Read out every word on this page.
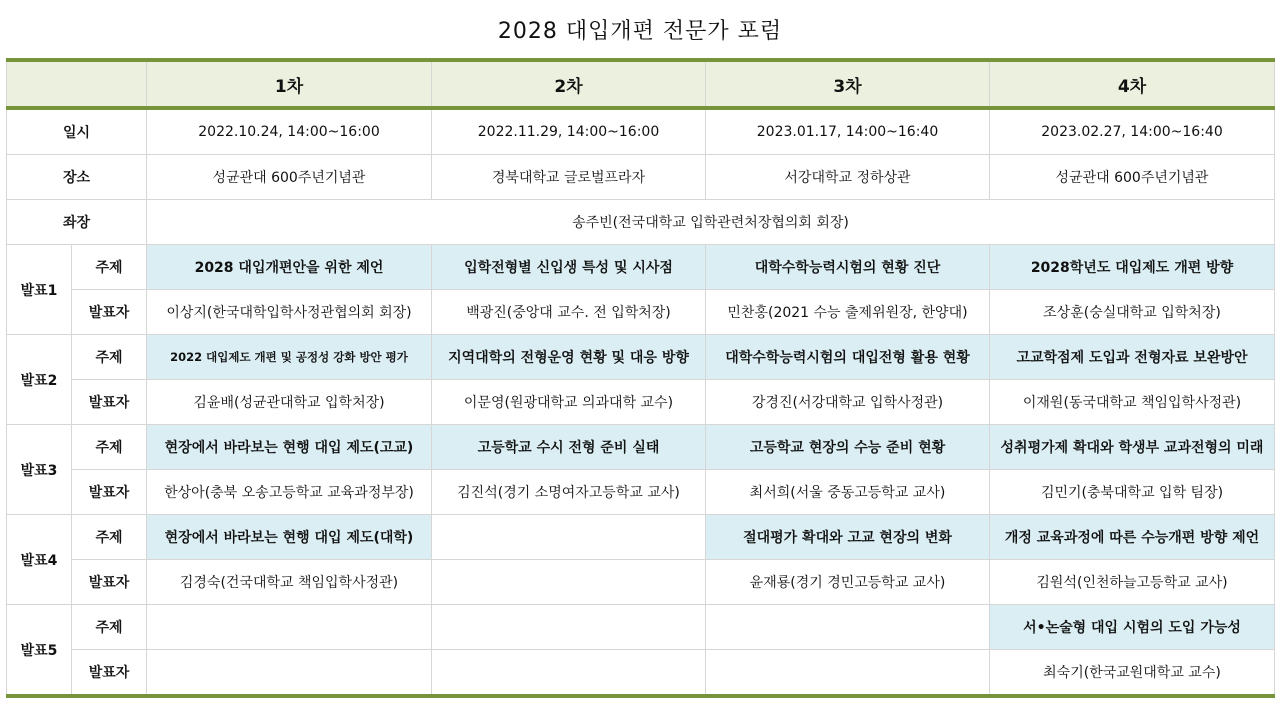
2028 대입개편 전문가 포럼
		1차	2차	3차	4차
일시		2022.10.24, 14:00~16:00	2022.11.29, 14:00~16:00	2023.01.17, 14:00~16:40	2023.02.27, 14:00~16:40
장소		성균관대 600주년기념관	경북대학교 글로벌프라자	서강대학교 정하상관	성균관대 600주년기념관
좌장		송주빈(전국대학교 입학관련처장협의회 회장)			
발표1	주제	2028 대입개편안을 위한 제언	입학전형별 신입생 특성 및 시사점	대학수학능력시험의 현황 진단	2028학년도 대입제도 개편 방향
	발표자	이상지(한국대학입학사정관협의회 회장)	백광진(중앙대 교수. 전 입학처장)	민찬홍(2021 수능 출제위원장, 한양대)	조상훈(숭실대학교 입학처장)
발표2	주제	2022 대입제도 개편 및 공정성 강화 방안 평가	지역대학의 전형운영 현황 및 대응 방향	대학수학능력시험의 대입전형 활용 현황	고교학점제 도입과 전형자료 보완방안
	발표자	김윤배(성균관대학교 입학처장)	이문영(원광대학교 의과대학 교수)	강경진(서강대학교 입학사정관)	이재원(동국대학교 책임입학사정관)
발표3	주제	현장에서 바라보는 현행 대입 제도(고교)	고등학교 수시 전형 준비 실태	고등학교 현장의 수능 준비 현황	성취평가제 확대와 학생부 교과전형의 미래
	발표자	한상아(충북 오송고등학교 교육과정부장)	김진석(경기 소명여자고등학교 교사)	최서희(서울 중동고등학교 교사)	김민기(충북대학교 입학 팀장)
발표4	주제	현장에서 바라보는 현행 대입 제도(대학)		절대평가 확대와 고교 현장의 변화	개정 교육과정에 따른 수능개편 방향 제언
	발표자	김경숙(건국대학교 책임입학사정관)		윤재룡(경기 경민고등학교 교사)	김원석(인천하늘고등학교 교사)
발표5	주제				서•논술형 대입 시험의 도입 가능성
	발표자				최숙기(한국교원대학교 교수)
